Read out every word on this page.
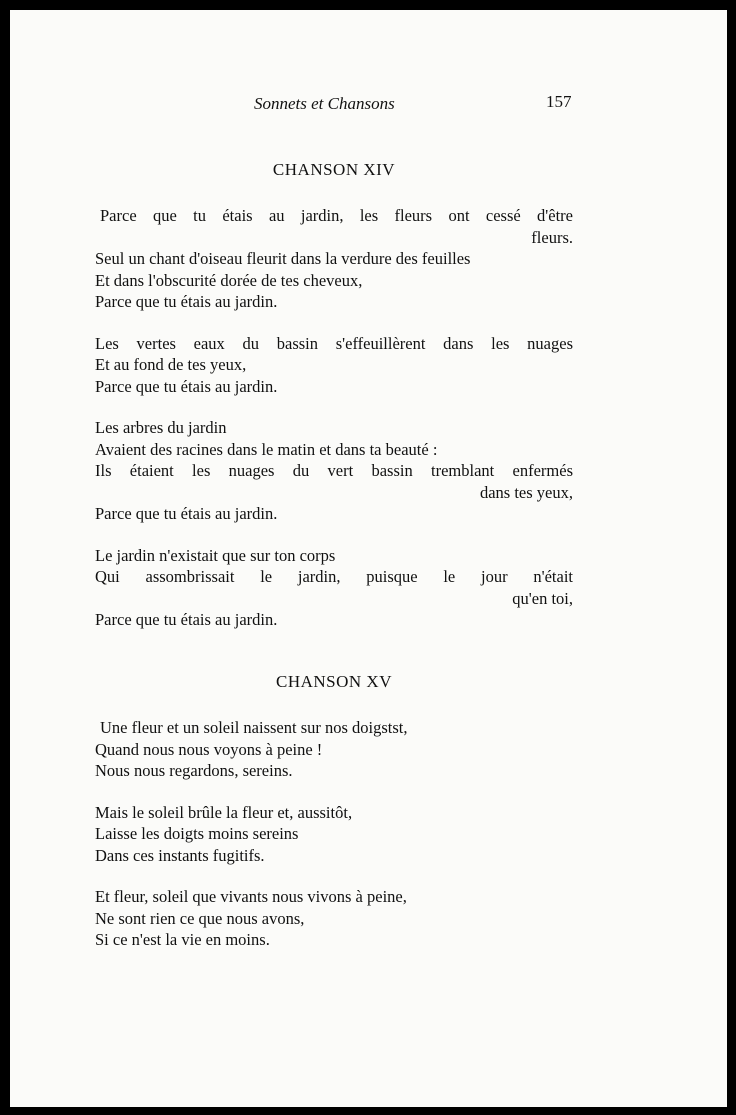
Sonnets et Chansons	157
CHANSON XIV
Parce que tu étais au jardin, les fleurs ont cessé d'être
fleurs.
Seul un chant d'oiseau fleurit dans la verdure des feuilles
Et dans l'obscurité dorée de tes cheveux,
Parce que tu étais au jardin.
Les vertes eaux du bassin s'effeuillèrent dans les nuages
Et au fond de tes yeux,
Parce que tu étais au jardin.
Les arbres du jardin
Avaient des racines dans le matin et dans ta beauté :
Ils étaient les nuages du vert bassin tremblant enfermés
dans tes yeux,
Parce que tu étais au jardin.
Le jardin n'existait que sur ton corps
Qui assombrissait le jardin, puisque le jour n'était
qu'en toi,
Parce que tu étais au jardin.
CHANSON XV
Une fleur et un soleil naissent sur nos doigstst,
Quand nous nous voyons à peine !
Nous nous regardons, sereins.
Mais le soleil brûle la fleur et, aussitôt,
Laisse les doigts moins sereins
Dans ces instants fugitifs.
Et fleur, soleil que vivants nous vivons à peine,
Ne sont rien ce que nous avons,
Si ce n'est la vie en moins.
